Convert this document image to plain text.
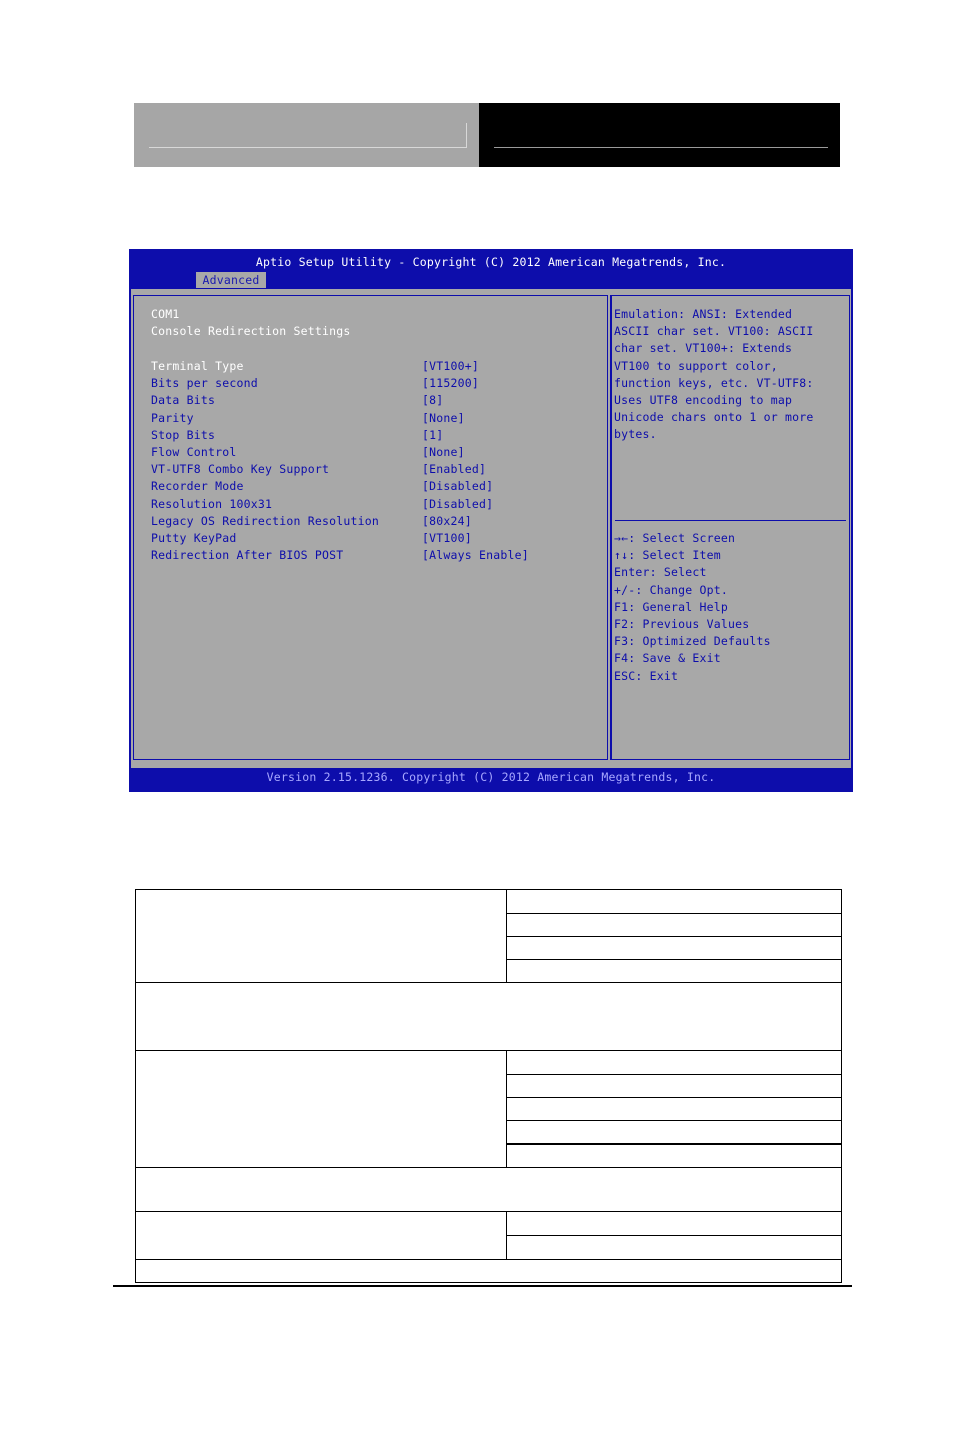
Aptio Setup Utility - Copyright (C) 2012 American Megatrends, Inc.
Advanced
COM1
Console Redirection Settings
Terminal Type	[VT100+]
Bits per second	[115200]
Data Bits	[8]
Parity	[None]
Stop Bits	[1]
Flow Control	[None]
VT-UTF8 Combo Key Support	[Enabled]
Recorder Mode	[Disabled]
Resolution 100x31	[Disabled]
Legacy OS Redirection Resolution	[80x24]
Putty KeyPad	[VT100]
Redirection After BIOS POST	[Always Enable]
Emulation: ANSI: Extended
ASCII char set. VT100: ASCII
char set. VT100+: Extends
VT100 to support color,
function keys, etc. VT-UTF8:
Uses UTF8 encoding to map
Unicode chars onto 1 or more
bytes.
→←: Select Screen
↑↓: Select Item
Enter: Select
+/-: Change Opt.
F1: General Help
F2: Previous Values
F3: Optimized Defaults
F4: Save & Exit
ESC: Exit
Version 2.15.1236. Copyright (C) 2012 American Megatrends, Inc.
